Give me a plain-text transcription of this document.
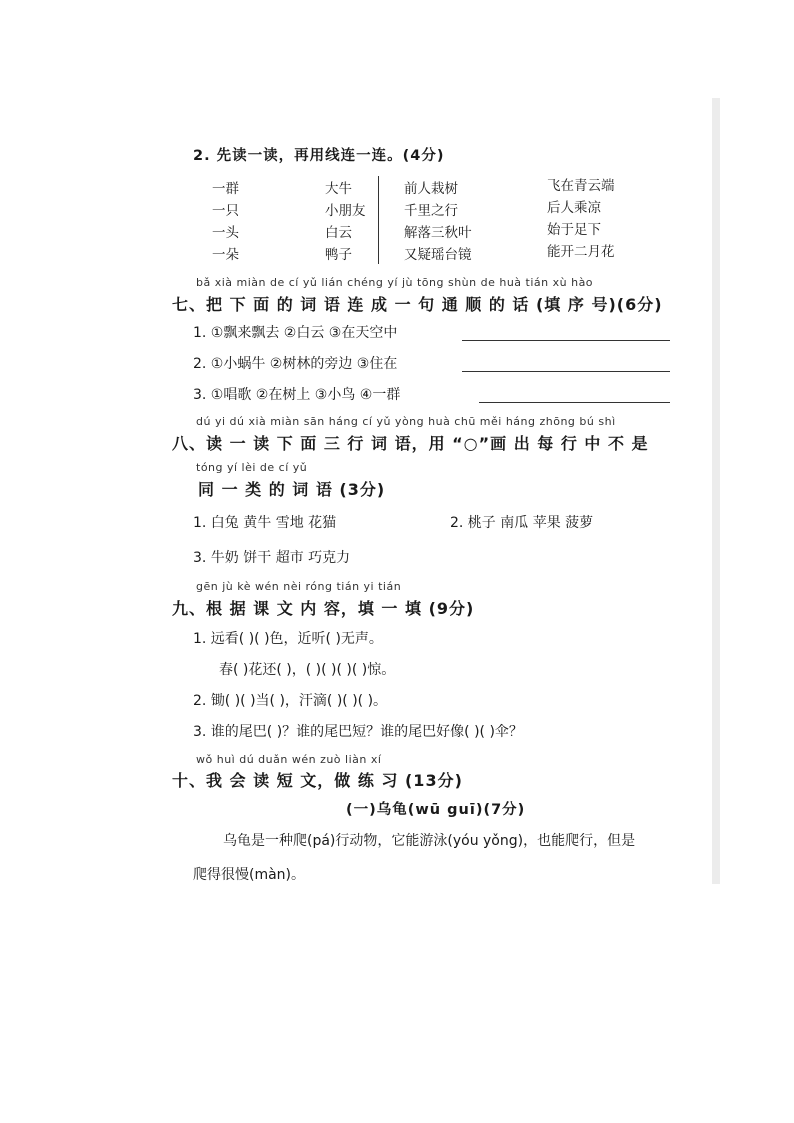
2. 先读一读，再用线连一连。(4分)
一群
一只
一头
一朵
大牛
小朋友
白云
鸭子
前人栽树
千里之行
解落三秋叶
又疑瑶台镜
飞在青云端
后人乘凉
始于足下
能开二月花
bǎ xià miàn de cí yǔ lián chéng yí jù tōng shùn de huà tián xù hào
七、把 下 面 的 词 语 连 成 一 句 通 顺 的 话 (填 序 号)(6分)
1. ①飘来飘去 ②白云 ③在天空中
2. ①小蜗牛 ②树林的旁边 ③住在
3. ①唱歌 ②在树上 ③小鸟 ④一群
dú yi dú xià miàn sān háng cí yǔ yòng huà chū měi háng zhōng bú shì
八、读 一 读 下 面 三 行 词 语，用 “○”画 出 每 行 中 不 是
tóng yí lèi de cí yǔ
同 一 类 的 词 语 (3分)
1. 白兔 黄牛 雪地 花猫	2. 桃子 南瓜 苹果 菠萝
3. 牛奶 饼干 超市 巧克力
gēn jù kè wén nèi róng tián yi tián
九、根 据 课 文 内 容，填 一 填 (9分)
1. 远看( )( )色，近听( )无声。
春( )花还( )，( )( )( )( )惊。
2. 锄( )( )当( )，汗滴( )( )( )。
3. 谁的尾巴( )？谁的尾巴短？谁的尾巴好像( )( )伞？
wǒ huì dú duǎn wén zuò liàn xí
十、我 会 读 短 文，做 练 习 (13分)
(一)乌龟(wū guī)(7分)
乌龟是一种爬(pá)行动物，它能游泳(yóu yǒng)，也能爬行，但是
爬得很慢(màn)。
